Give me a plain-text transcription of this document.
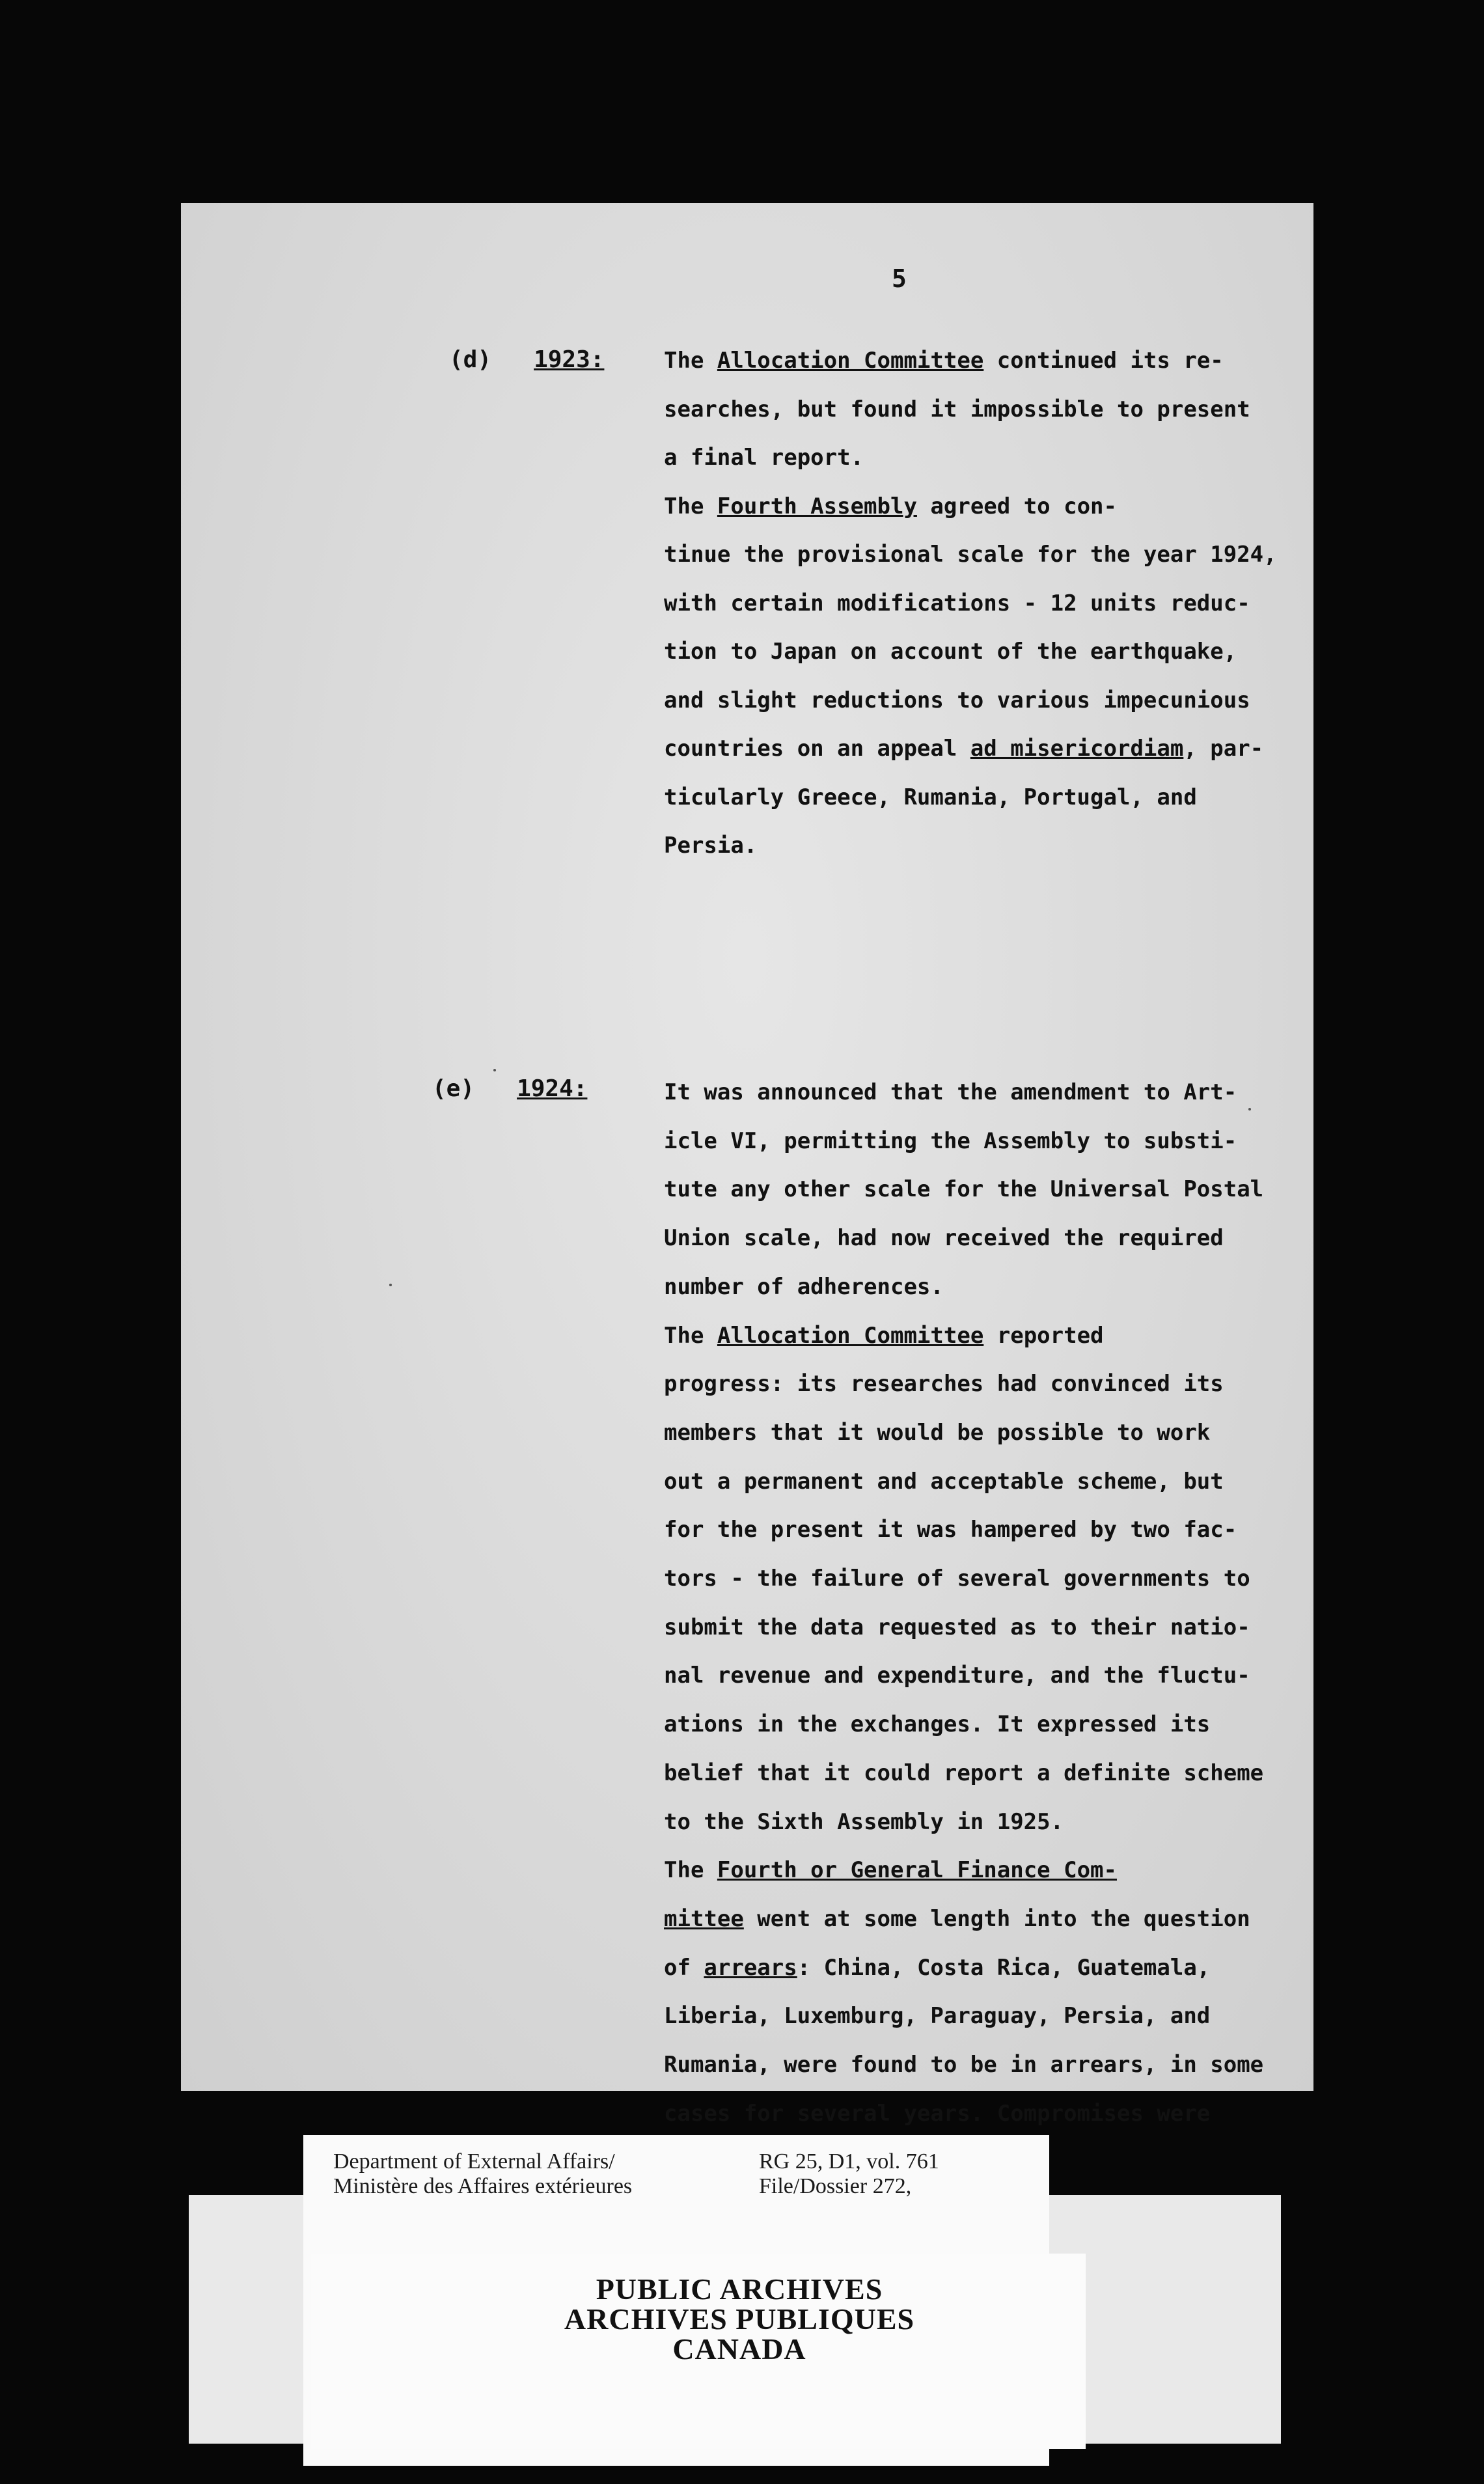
5
(d) 1923:	The Allocation Committee continued its re-
searches, but found it impossible to present
a final report.
The Fourth Assembly agreed to con-
tinue the provisional scale for the year 1924,
with certain modifications - 12 units reduc-
tion to Japan on account of the earthquake,
and slight reductions to various impecunious
countries on an appeal ad misericordiam, par-
ticularly Greece, Rumania, Portugal, and
Persia.
(e) 1924:	It was announced that the amendment to Art-
icle VI, permitting the Assembly to substi-
tute any other scale for the Universal Postal
Union scale, had now received the required
number of adherences.
The Allocation Committee reported
progress: its researches had convinced its
members that it would be possible to work
out a permanent and acceptable scheme, but
for the present it was hampered by two fac-
tors - the failure of several governments to
submit the data requested as to their natio-
nal revenue and expenditure, and the fluctu-
ations in the exchanges. It expressed its
belief that it could report a definite scheme
to the Sixth Assembly in 1925.
The Fourth or General Finance Com-
mittee went at some length into the question
of arrears: China, Costa Rica, Guatemala,
Liberia, Luxemburg, Paraguay, Persia, and
Rumania, were found to be in arrears, in some
cases for several years. Compromises were
Department of External Affairs/
Ministère des Affaires extérieures
RG 25, D1, vol. 761
File/Dossier 272,
PUBLIC ARCHIVES
ARCHIVES PUBLIQUES
CANADA
